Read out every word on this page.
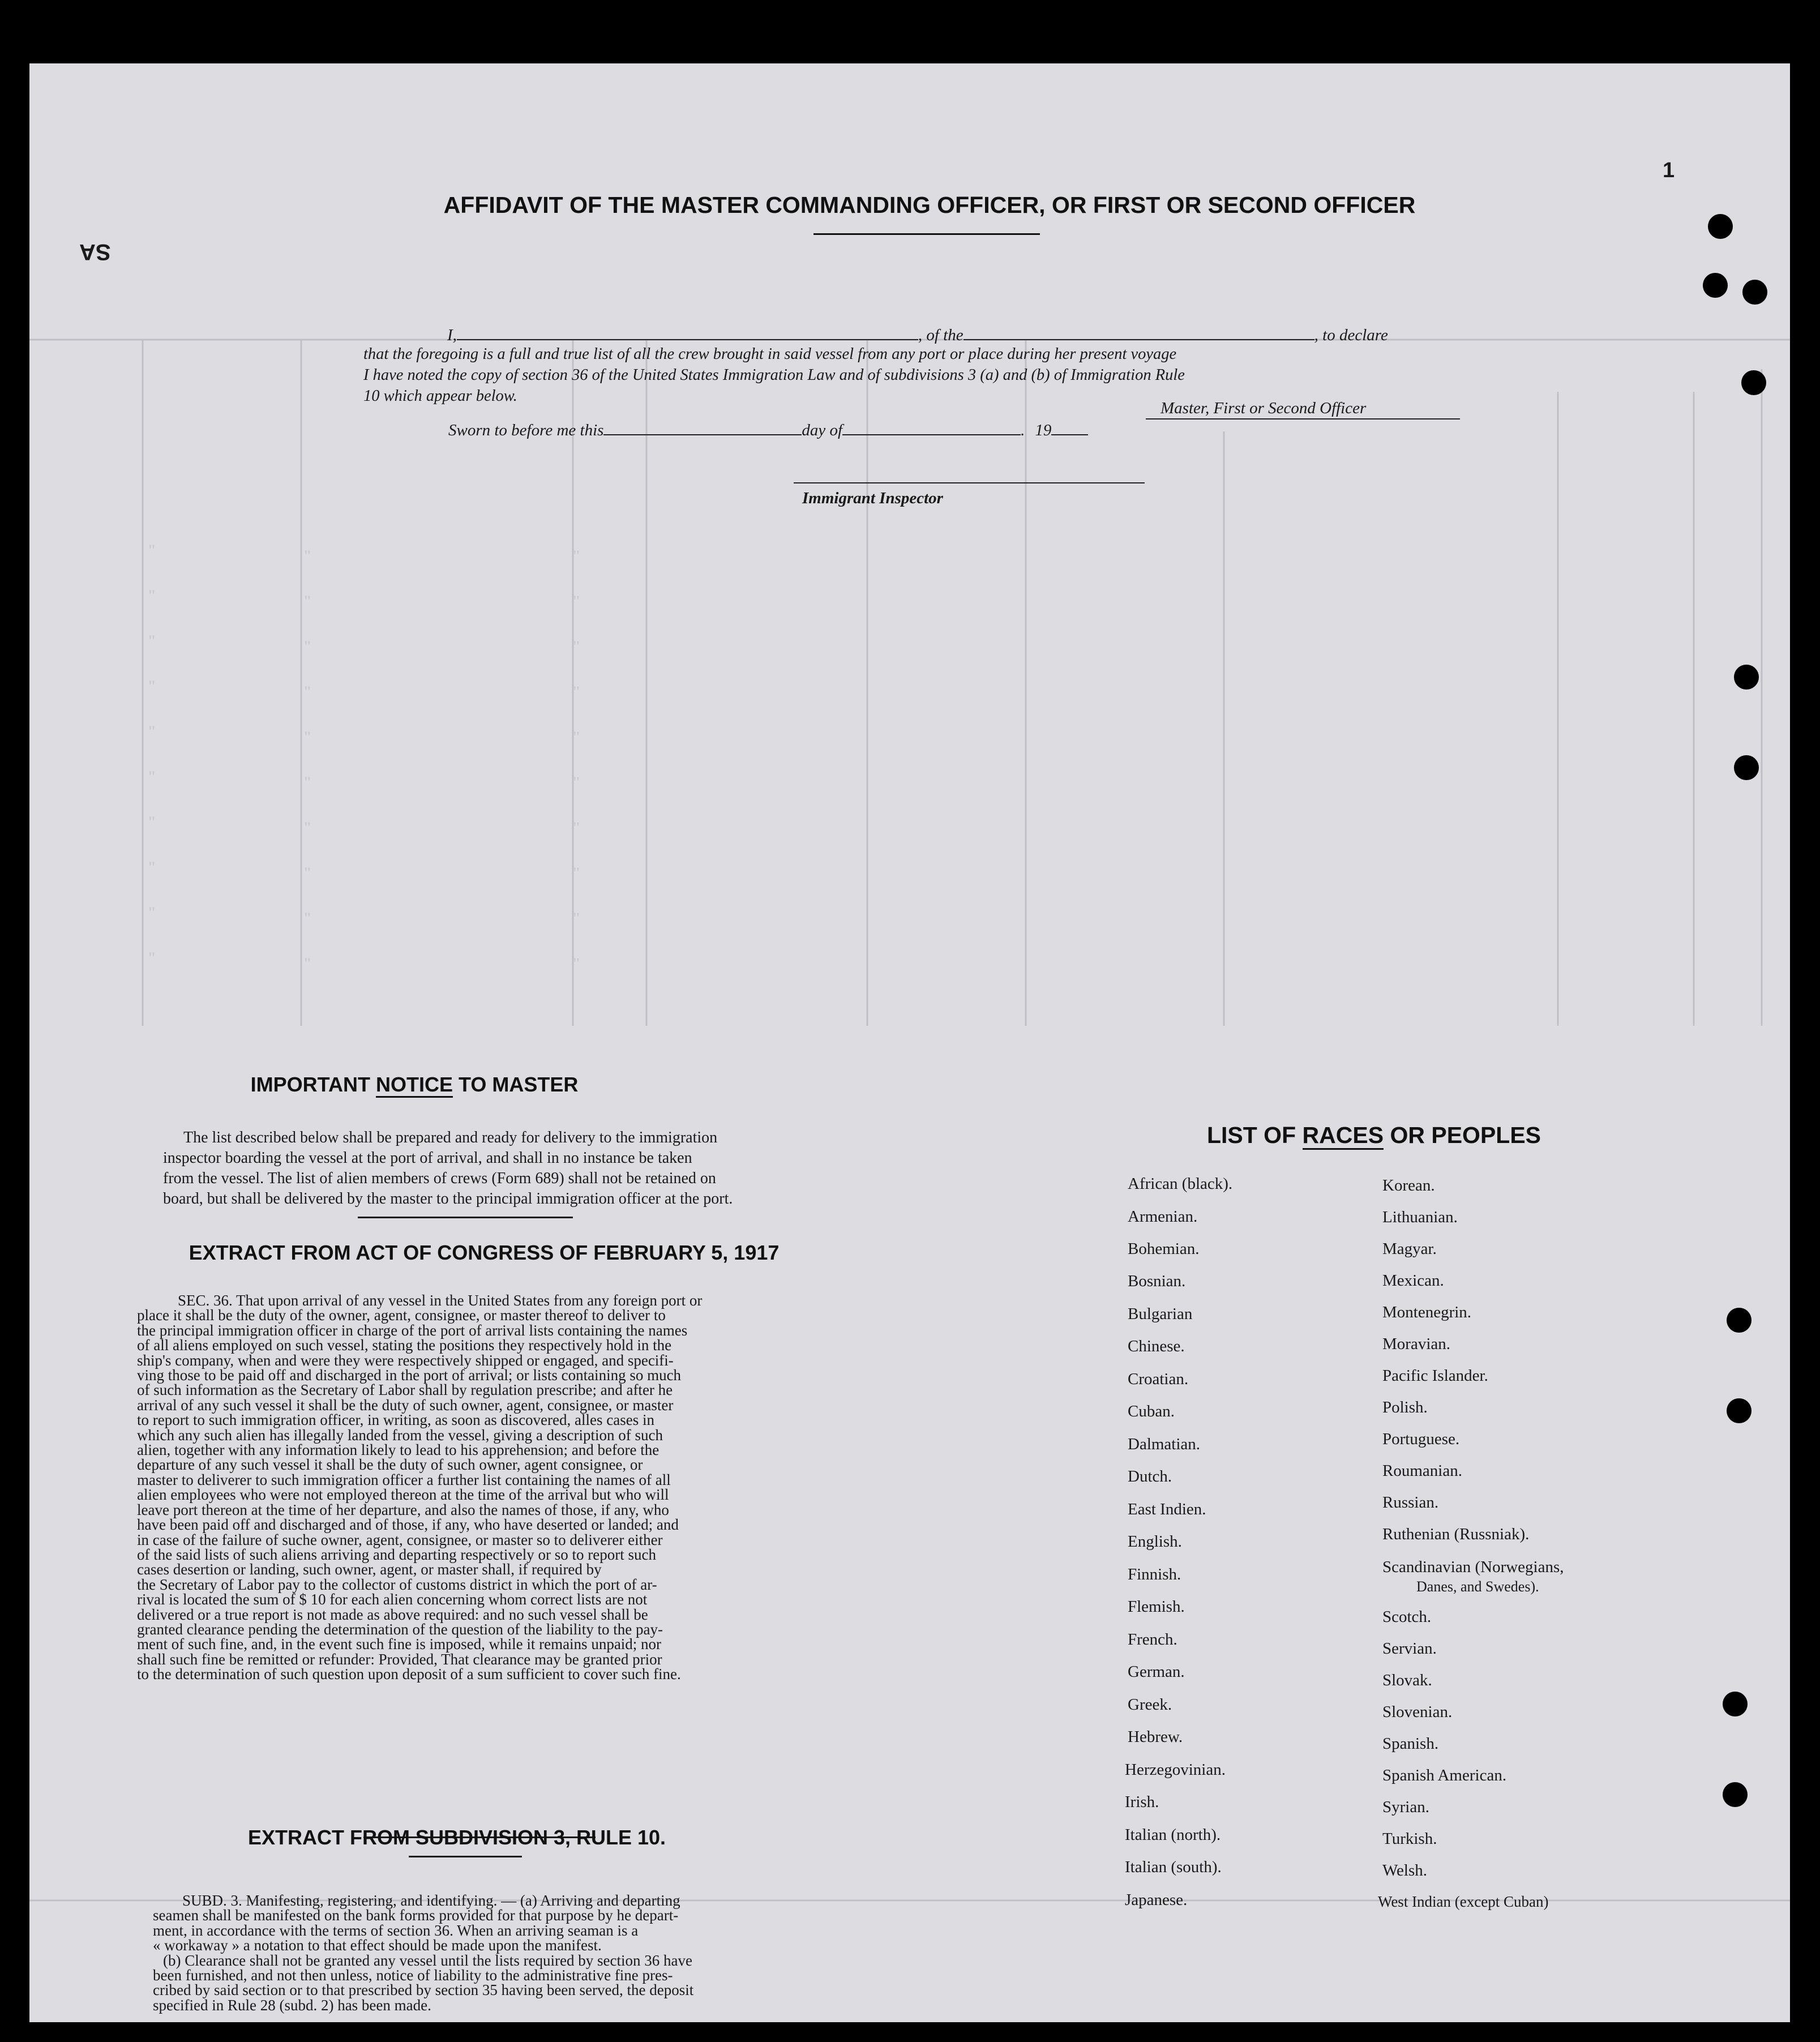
"	"	"
"	"	"
"	"	"
"	"	"
"	"	"
"	"	"
"	"	"
"	"	"
"	"	"
"	"	"
SA
1
AFFIDAVIT OF THE MASTER COMMANDING OFFICER, OR FIRST OR SECOND OFFICER
I,	, of the	, to declare
that the foregoing is a full and true list of all the crew brought in said vessel from any port or place during her present voyage
I have noted the copy of section 36 of the United States Immigration Law and of subdivisions 3 (a) and (b) of Immigration Rule
10 which appear below.
Master, First or Second Officer
Sworn to before me this	day of	. 19
Immigrant Inspector
IMPORTANT NOTICE TO MASTER
The list described below shall be prepared and ready for delivery to the immigration
inspector boarding the vessel at the port of arrival, and shall in no instance be taken
from the vessel. The list of alien members of crews (Form 689) shall not be retained on
board, but shall be delivered by the master to the principal immigration officer at the port.
EXTRACT FROM ACT OF CONGRESS OF FEBRUARY 5, 1917
SEC. 36. That upon arrival of any vessel in the United States from any foreign port or
place it shall be the duty of the owner, agent, consignee, or master thereof to deliver to
the principal immigration officer in charge of the port of arrival lists containing the names
of all aliens employed on such vessel, stating the positions they respectively hold in the
ship's company, when and were they were respectively shipped or engaged, and specifi-
ving those to be paid off and discharged in the port of arrival; or lists containing so much
of such information as the Secretary of Labor shall by regulation prescribe; and after he
arrival of any such vessel it shall be the duty of such owner, agent, consignee, or master
to report to such immigration officer, in writing, as soon as discovered, alles cases in
which any such alien has illegally landed from the vessel, giving a description of such
alien, together with any information likely to lead to his apprehension; and before the
departure of any such vessel it shall be the duty of such owner, agent consignee, or
master to deliverer to such immigration officer a further list containing the names of all
alien employees who were not employed thereon at the time of the arrival but who will
leave port thereon at the time of her departure, and also the names of those, if any, who
have been paid off and discharged and of those, if any, who have deserted or landed; and
in case of the failure of suche owner, agent, consignee, or master so to deliverer either
of the said lists of such aliens arriving and departing respectively or so to report such
cases desertion or landing, such owner, agent, or master shall, if required by
the Secretary of Labor pay to the collector of customs district in which the port of ar-
rival is located the sum of $ 10 for each alien concerning whom correct lists are not
delivered or a true report is not made as above required: and no such vessel shall be
granted clearance pending the determination of the question of the liability to the pay-
ment of such fine, and, in the event such fine is imposed, while it remains unpaid; nor
shall such fine be remitted or refunder: Provided, That clearance may be granted prior
to the determination of such question upon deposit of a sum sufficient to cover such fine.
EXTRACT FROM SUBDIVISION 3, RULE 10.
SUBD. 3. Manifesting, registering, and identifying. — (a) Arriving and departing
seamen shall be manifested on the bank forms provided for that purpose by he depart-
ment, in accordance with the terms of section 36. When an arriving seaman is a
« workaway » a notation to that effect should be made upon the manifest.
(b) Clearance shall not be granted any vessel until the lists required by section 36 have
been furnished, and not then unless, notice of liability to the administrative fine pres-
cribed by said section or to that prescribed by section 35 having been served, the deposit
specified in Rule 28 (subd. 2) has been made.
LIST OF RACES OR PEOPLES
African (black).
Armenian.
Bohemian.
Bosnian.
Bulgarian
Chinese.
Croatian.
Cuban.
Dalmatian.
Dutch.
East Indien.
English.
Finnish.
Flemish.
French.
German.
Greek.
Hebrew.
Herzegovinian.
Irish.
Italian (north).
Italian (south).
Japanese.
Korean.
Lithuanian.
Magyar.
Mexican.
Montenegrin.
Moravian.
Pacific Islander.
Polish.
Portuguese.
Roumanian.
Russian.
Ruthenian (Russniak).
Scandinavian (Norwegians,
Danes, and Swedes).
Scotch.
Servian.
Slovak.
Slovenian.
Spanish.
Spanish American.
Syrian.
Turkish.
Welsh.
West Indian (except Cuban)
